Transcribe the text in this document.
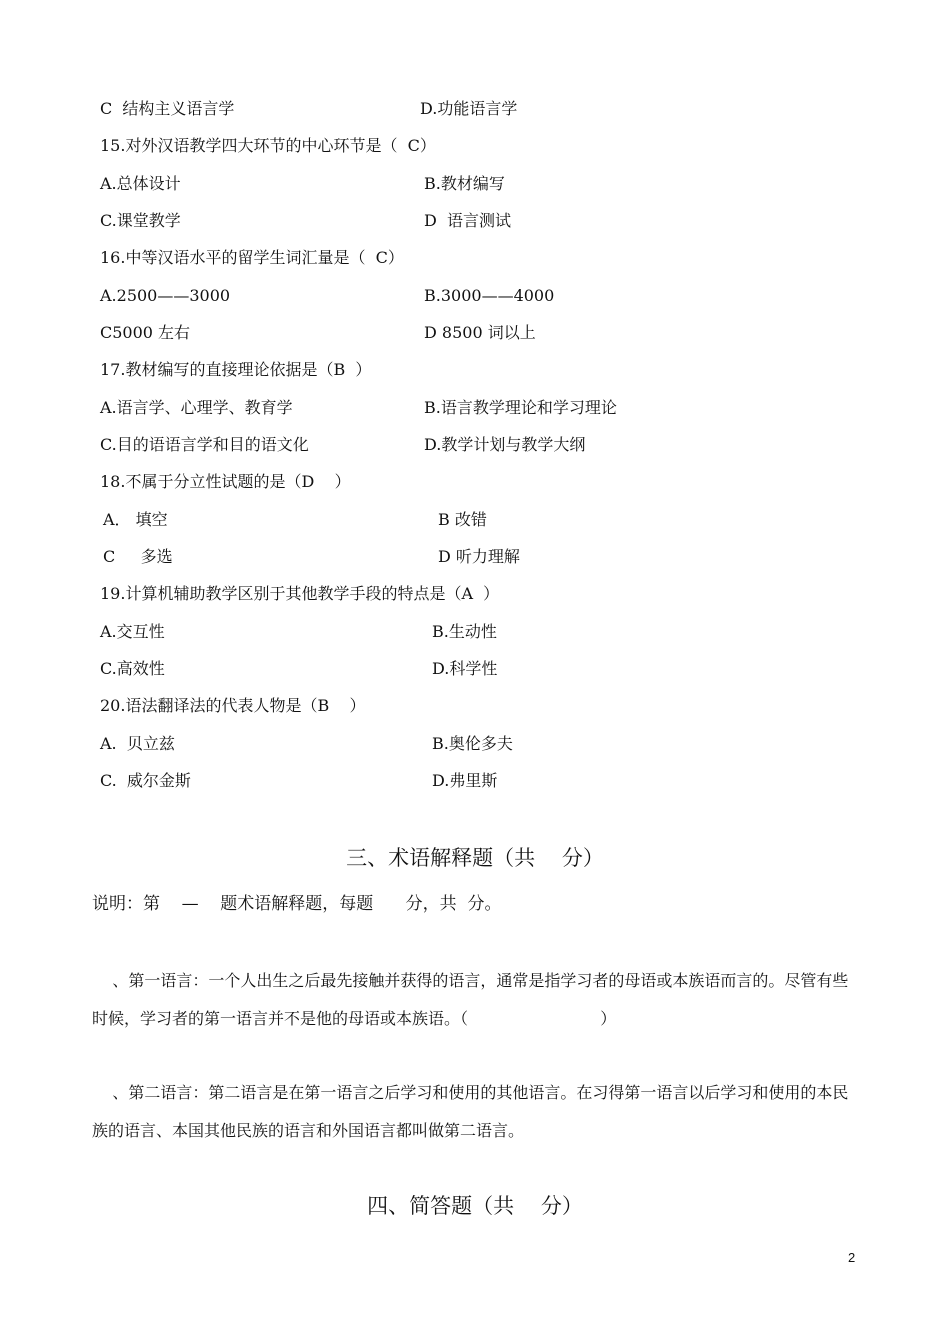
C  结构主义语言学	D.功能语言学
15.对外汉语教学四大环节的中心环节是（  C）
A.总体设计	B.教材编写
C.课堂教学	D  语言测试
16.中等汉语水平的留学生词汇量是（  C）
A.2500——3000	B.3000——4000
C5000 左右	D 8500 词以上
17.教材编写的直接理论依据是（B  ）
A.语言学、心理学、教育学	B.语言教学理论和学习理论
C.目的语语言学和目的语文化	D.教学计划与教学大纲
18.不属于分立性试题的是（D    ）
A． 填空	B 改错
C     多选	D 听力理解
19.计算机辅助教学区别于其他教学手段的特点是（A  ）
A.交互性	B.生动性
C.高效性	D.科学性
20.语法翻译法的代表人物是（B    ）
A.  贝立兹	B.奥伦多夫
C.  威尔金斯	D.弗里斯
三、术语解释题（共    分）
说明：第    —    题术语解释题，每题      分，共  分。
、第一语言：一个人出生之后最先接触并获得的语言，通常是指学习者的母语或本族语而言的。尽管有些时候，学习者的第一语言并不是他的母语或本族语。（                          ）
、第二语言：第二语言是在第一语言之后学习和使用的其他语言。在习得第一语言以后学习和使用的本民族的语言、本国其他民族的语言和外国语言都叫做第二语言。
四、简答题（共    分）
2
